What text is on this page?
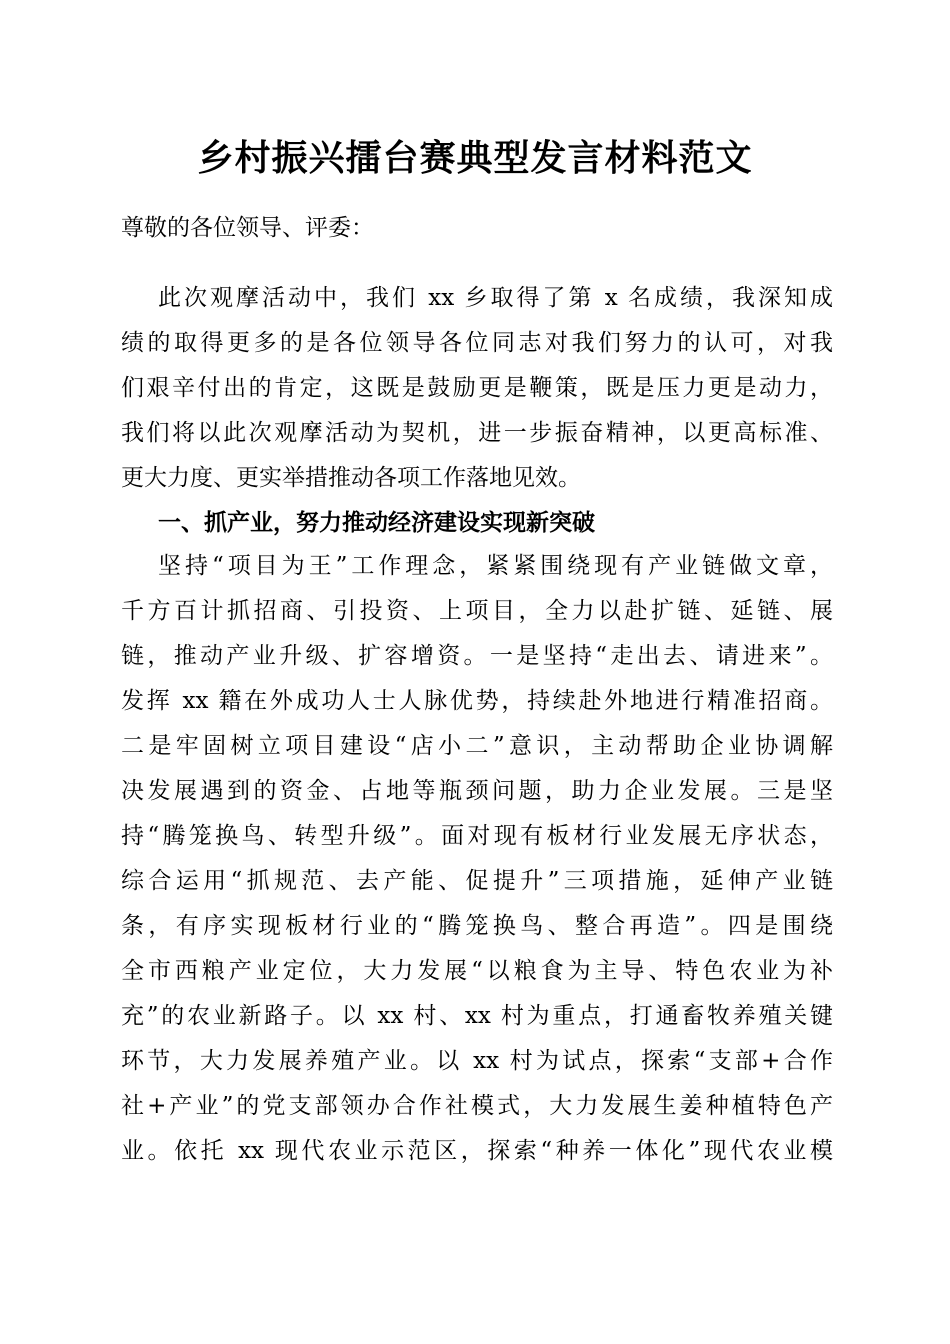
乡村振兴擂台赛典型发言材料范文
尊敬的各位领导、评委：
此次观摩活动中，我们 xx 乡取得了第 x 名成绩，我深知成
绩的取得更多的是各位领导各位同志对我们努力的认可，对我
们艰辛付出的肯定，这既是鼓励更是鞭策，既是压力更是动力，
我们将以此次观摩活动为契机，进一步振奋精神，以更高标准、
更大力度、更实举措推动各项工作落地见效。
一、抓产业，努力推动经济建设实现新突破
坚持“项目为王”工作理念，紧紧围绕现有产业链做文章，
千方百计抓招商、引投资、上项目，全力以赴扩链、延链、展
链，推动产业升级、扩容增资。一是坚持“走出去、请进来”。
发挥 xx 籍在外成功人士人脉优势，持续赴外地进行精准招商。
二是牢固树立项目建设“店小二”意识，主动帮助企业协调解
决发展遇到的资金、占地等瓶颈问题，助力企业发展。三是坚
持“腾笼换鸟、转型升级”。面对现有板材行业发展无序状态，
综合运用“抓规范、去产能、促提升”三项措施，延伸产业链
条，有序实现板材行业的“腾笼换鸟、整合再造”。四是围绕
全市西粮产业定位，大力发展“以粮食为主导、特色农业为补
充”的农业新路子。以 xx 村、xx 村为重点，打通畜牧养殖关键
环节，大力发展养殖产业。以 xx 村为试点，探索“支部+合作
社+产业”的党支部领办合作社模式，大力发展生姜种植特色产
业。依托 xx 现代农业示范区，探索“种养一体化”现代农业模
